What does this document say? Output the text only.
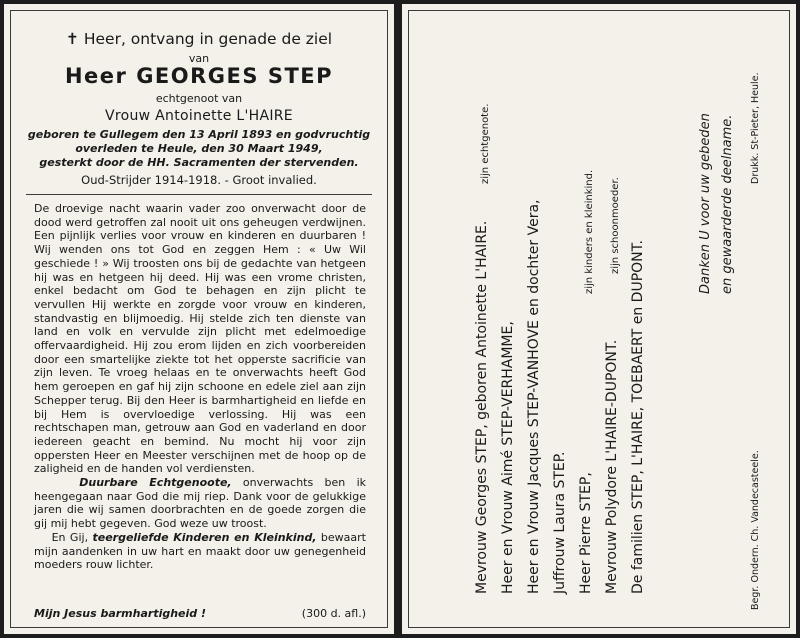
✝ Heer, ontvang in genade de ziel
van
Heer GEORGES STEP
echtgenoot van
Vrouw Antoinette L'HAIRE
geboren te Gullegem den 13 April 1893 en godvruchtig
overleden te Heule, den 30 Maart 1949,
gesterkt door de HH. Sacramenten der stervenden.
Oud-Strijder 1914-1918. - Groot invalied.

De droevige nacht waarin vader zoo onverwacht door de dood werd getroffen zal nooit uit ons geheugen verdwijnen. Een pijnlijk verlies voor vrouw en kinderen en duurbaren ! Wij wenden ons tot God en zeggen Hem : « Uw Wil geschiede ! » Wij troosten ons bij de gedachte van hetgeen hij was en hetgeen hij deed. Hij was een vrome christen, enkel bedacht om God te behagen en zijn plicht te vervullen Hij werkte en zorgde voor vrouw en kinderen, standvastig en blijmoedig. Hij stelde zich ten dienste van land en volk en vervulde zijn plicht met edelmoedige offervaardigheid. Hij zou erom lijden en zich voorbereiden door een smartelijke ziekte tot het opperste sacrificie van zijn leven. Te vroeg helaas en te onverwachts heeft God hem geroepen en gaf hij zijn schoone en edele ziel aan zijn Schepper terug. Bij den Heer is barmhartigheid en liefde en bij Hem is overvloedige verlossing. Hij was een rechtschapen man, getrouw aan God en vaderland en door iedereen geacht en bemind. Nu mocht hij voor zijn oppersten Heer en Meester verschijnen met de hoop op de zaligheid en de handen vol verdiensten.

Duurbare Echtgenoote, onverwachts ben ik heengegaan naar God die mij riep. Dank voor de gelukkige jaren die wij samen doorbrachten en de goede zorgen die gij mij hebt gegeven. God weze uw troost.

En Gij, teergeliefde Kinderen en Kleinkind, bewaart mijn aandenken in uw hart en maakt door uw genegenheid moeders rouw lichter.

Mijn Jesus barmhartigheid !	(300 d. afl.)
Mevrouw Georges STEP, geboren Antoinette L'HAIRE.
zijn echtgenote.
Heer en Vrouw Aimé STEP-VERHAMME, Heer en Vrouw Jacques STEP-VANHOVE en dochter Vera, Juffrouw Laura STEP.
zijn kinders en kleinkind.
Heer Pierre STEP, Mevrouw Polydore L'HAIRE-DUPONT.
zijn schoonmoeder.
De familien STEP, L'HAIRE, TOEBAERT en DUPONT.
Danken U voor uw gebeden en gewaarderde deelname.
Begr. Ondern. Ch. Vandecasteele.
Drukk. St-Pieter, Heule.
